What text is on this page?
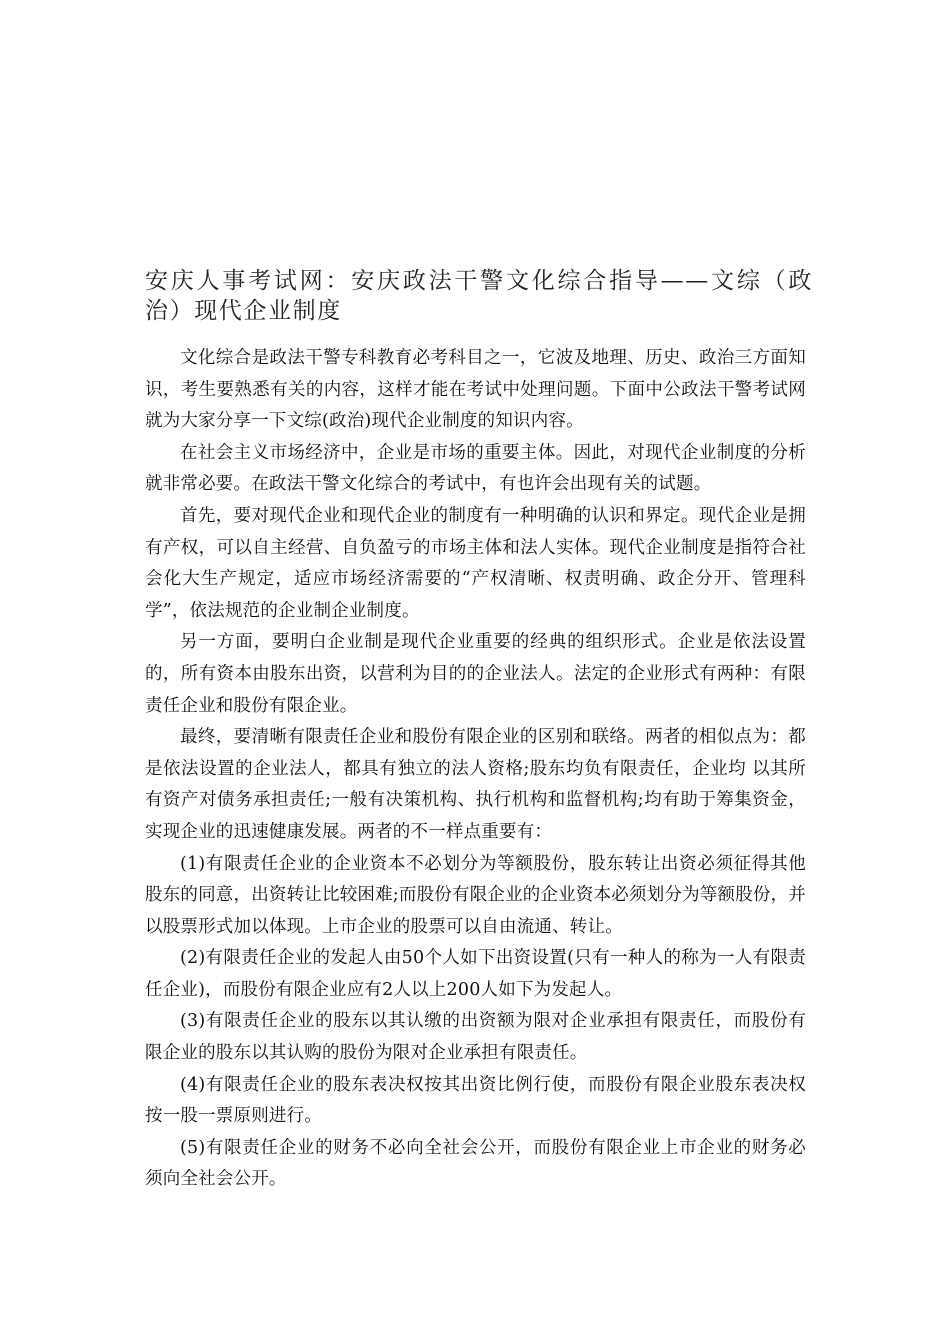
安庆人事考试网：安庆政法干警文化综合指导——文综（政治）现代企业制度

文化综合是政法干警专科教育必考科目之一，它波及地理、历史、政治三方面知识，考生要熟悉有关的内容，这样才能在考试中处理问题。下面中公政法干警考试网就为大家分享一下文综(政治)现代企业制度的知识内容。

在社会主义市场经济中，企业是市场的重要主体。因此，对现代企业制度的分析就非常必要。在政法干警文化综合的考试中，有也许会出现有关的试题。

首先，要对现代企业和现代企业的制度有一种明确的认识和界定。现代企业是拥有产权，可以自主经营、自负盈亏的市场主体和法人实体。现代企业制度是指符合社会化大生产规定，适应市场经济需要的“产权清晰、权责明确、政企分开、管理科学”，依法规范的企业制企业制度。

另一方面，要明白企业制是现代企业重要的经典的组织形式。企业是依法设置的，所有资本由股东出资，以营利为目的的企业法人。法定的企业形式有两种：有限责任企业和股份有限企业。

最终，要清晰有限责任企业和股份有限企业的区别和联络。两者的相似点为：都是依法设置的企业法人，都具有独立的法人资格;股东均负有限责任，企业均 以其所有资产对债务承担责任;一般有决策机构、执行机构和监督机构;均有助于筹集资金，实现企业的迅速健康发展。两者的不一样点重要有：

(1)有限责任企业的企业资本不必划分为等额股份，股东转让出资必须征得其他股东的同意，出资转让比较困难;而股份有限企业的企业资本必须划分为等额股份，并以股票形式加以体现。上市企业的股票可以自由流通、转让。

(2)有限责任企业的发起人由50个人如下出资设置(只有一种人的称为一人有限责任企业)，而股份有限企业应有2人以上200人如下为发起人。

(3)有限责任企业的股东以其认缴的出资额为限对企业承担有限责任，而股份有限企业的股东以其认购的股份为限对企业承担有限责任。

(4)有限责任企业的股东表决权按其出资比例行使，而股份有限企业股东表决权按一股一票原则进行。

(5)有限责任企业的财务不必向全社会公开，而股份有限企业上市企业的财务必须向全社会公开。
